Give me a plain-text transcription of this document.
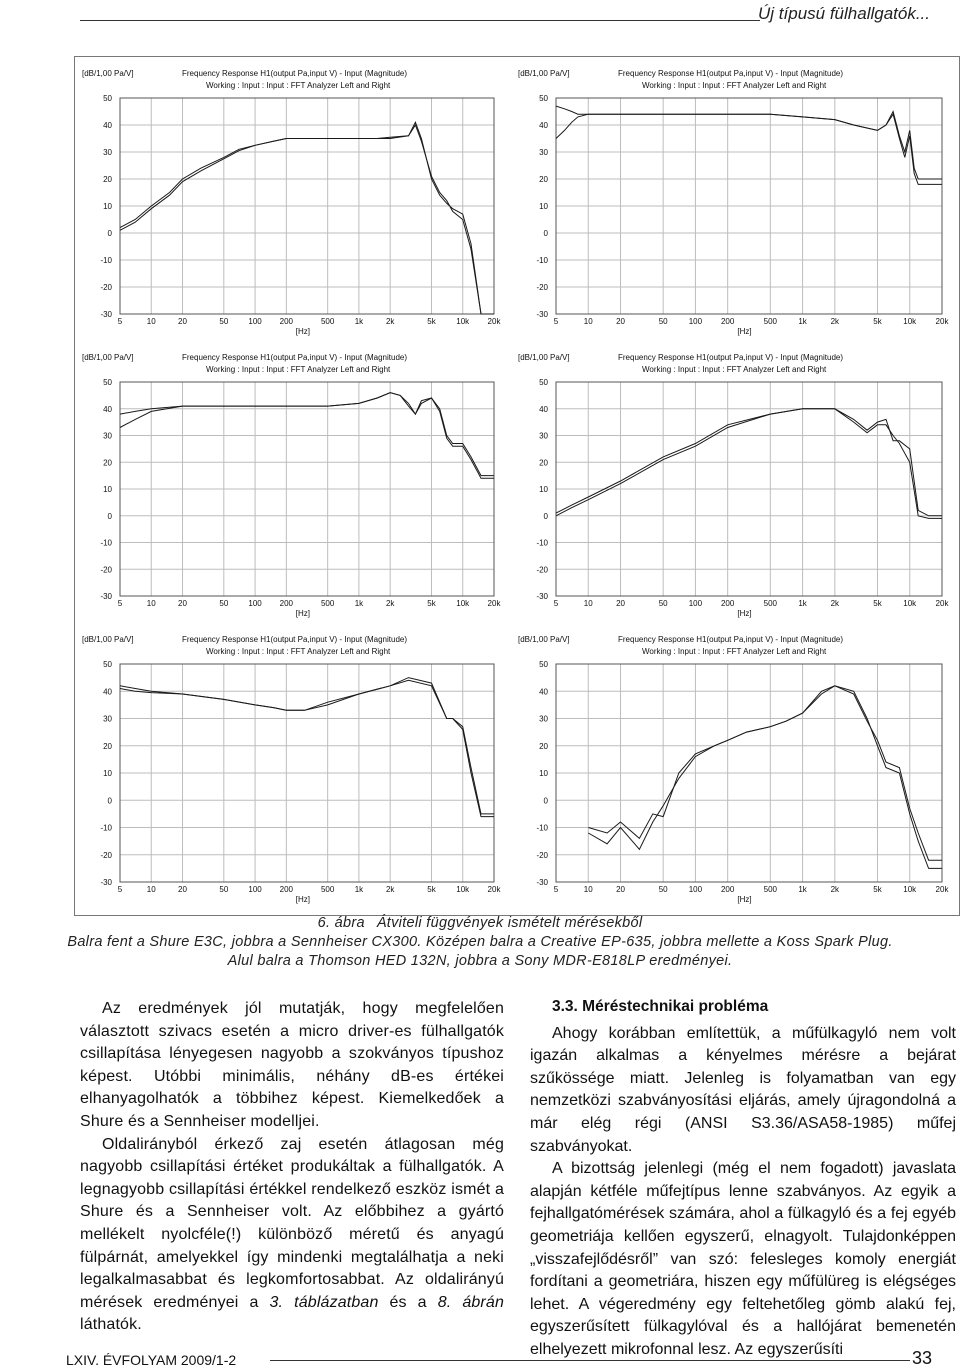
Új típusú fülhallgatók...
[dB/1,00 Pa/V]	Frequency Response H1(output Pa,input V) - Input (Magnitude)
Working : Input : Input : FFT Analyzer Left and Right
50
40
30
20
10
0
-10
-20
-30
5	10	20	50	100 200	500	1k	2k	5k	10k 20k
[Hz]
[dB/1,00 Pa/V]	Frequency Response H1(output Pa,input V) - Input (Magnitude)
Working : Input : Input : FFT Analyzer Left and Right
50
40
30
20
10
0
-10
-20
-30
5	10	20	50	100 200	500	1k	2k	5k	10k 20k
[Hz]
[dB/1,00 Pa/V]	Frequency Response H1(output Pa,input V) - Input (Magnitude)
Working : Input : Input : FFT Analyzer Left and Right
50
40
30
20
10
0
-10
-20
-30
5	10	20	50	100 200	500	1k	2k	5k	10k 20k
[Hz]
[dB/1,00 Pa/V]	Frequency Response H1(output Pa,input V) - Input (Magnitude)
Working : Input : Input : FFT Analyzer Left and Right
50
40
30
20
10
0
-10
-20
-30
5	10	20	50	100 200	500	1k	2k	5k	10k 20k
[Hz]
[dB/1,00 Pa/V]	Frequency Response H1(output Pa,input V) - Input (Magnitude)
Working : Input : Input : FFT Analyzer Left and Right
50
40
30
20
10
0
-10
-20
-30
5	10	20	50	100 200	500	1k	2k	5k	10k 20k
[Hz]
[dB/1,00 Pa/V]	Frequency Response H1(output Pa,input V) - Input (Magnitude)
Working : Input : Input : FFT Analyzer Left and Right
50
40
30
20
10
0
-10
-20
-30
5	10	20	50	100 200	500	1k	2k	5k	10k 20k
[Hz]
6. ábra Átviteli függvények ismételt mérésekből
Balra fent a Shure E3C, jobbra a Sennheiser CX300. Középen balra a Creative EP-635, jobbra mellette a Koss Spark Plug.
Alul balra a Thomson HED 132N, jobbra a Sony MDR-E818LP eredményei.

Az eredmények jól mutatják, hogy megfelelően választott szivacs esetén a micro driver-es fülhallgatók csillapítása lényegesen nagyobb a szokványos típushoz képest. Utóbbi minimális, néhány dB-es értékei elhanyagolhatók a többihez képest. Kiemelkedőek a Shure és a Sennheiser modelljei.

Oldalirányból érkező zaj esetén átlagosan még nagyobb csillapítási értéket produkáltak a fülhallgatók. A legnagyobb csillapítási értékkel rendelkező eszköz ismét a Shure és a Sennheiser volt. Az előbbihez a gyártó mellékelt nyolcféle(!) különböző méretű és anyagú fülpárnát, amelyekkel így mindenki megtalálhatja a neki legalkalmasabbat és legkomfortosabbat. Az oldalirányú mérések eredményei a 3. táblázatban és a 8. ábrán láthatók.

3.3. Méréstechnikai probléma

Ahogy korábban említettük, a műfülkagyló nem volt igazán alkalmas a kényelmes mérésre a bejárat szűkössége miatt. Jelenleg is folyamatban van egy nemzetközi szabványosítási eljárás, amely újragondolná a már elég régi (ANSI S3.36/ASA58-1985) műfej szabványokat.

A bizottság jelenlegi (még el nem fogadott) javaslata alapján kétféle műfejtípus lenne szabványos. Az egyik a fejhallgatómérések számára, ahol a fülkagyló és a fej egyéb geometriája kellően egyszerű, elnagyolt. Tulajdonképpen „visszafejlődésről” van szó: felesleges komoly energiát fordítani a geometriára, hiszen egy műfülüreg is elégséges lehet. A végeredmény egy feltehetőleg gömb alakú fej, egyszerűsített fülkagylóval és a hallójárat bemenetén elhelyezett mikrofonnal lesz. Az egyszerűsíti

LXIV. ÉVFOLYAM 2009/1-2	33
